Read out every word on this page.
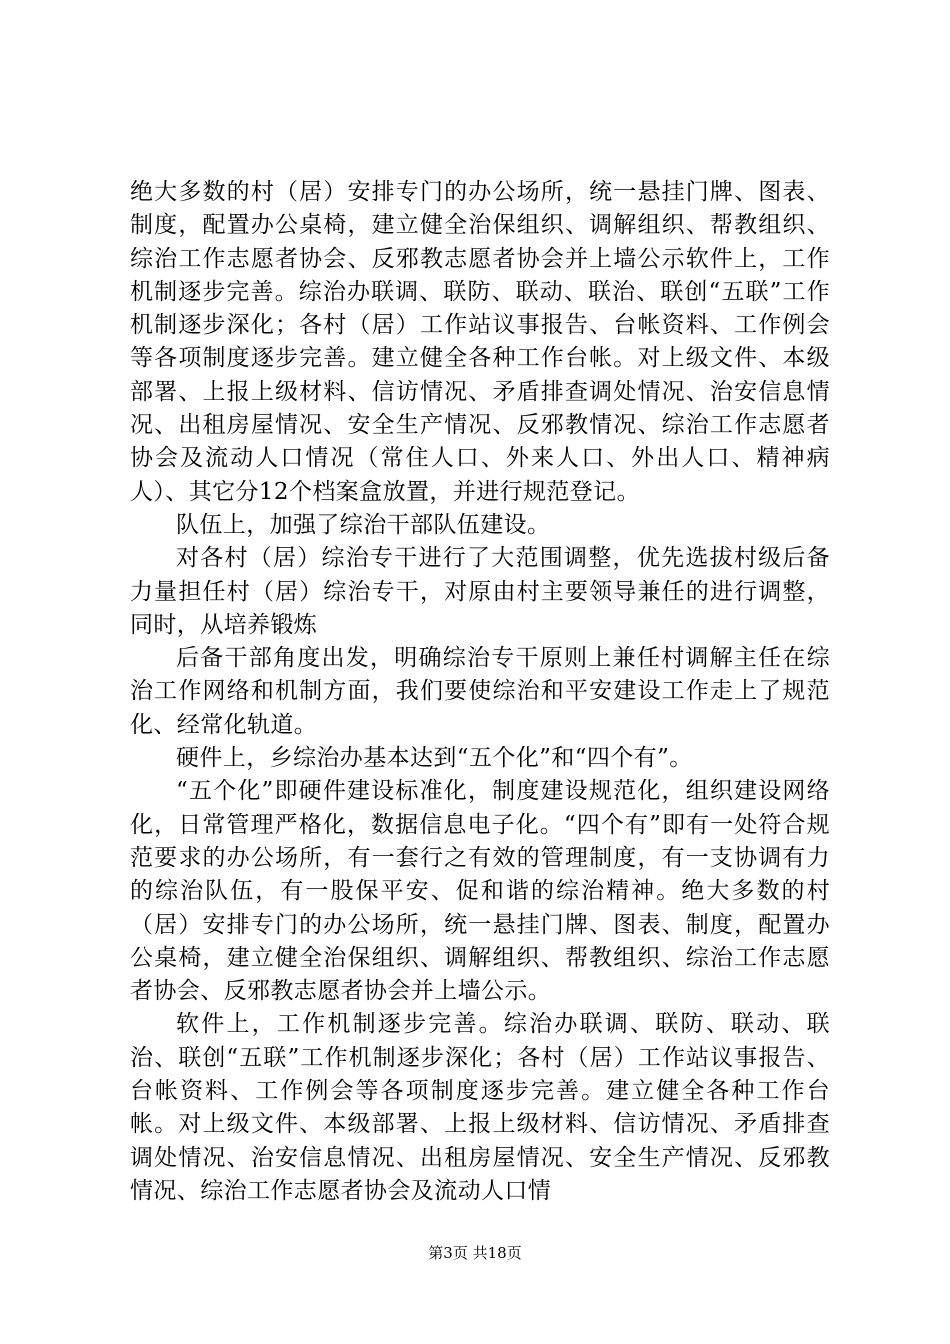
绝大多数的村（居）安排专门的办公场所，统一悬挂门牌、图表、制度，配置办公桌椅，建立健全治保组织、调解组织、帮教组织、综治工作志愿者协会、反邪教志愿者协会并上墙公示软件上，工作机制逐步完善。综治办联调、联防、联动、联治、联创“五联”工作机制逐步深化；各村（居）工作站议事报告、台帐资料、工作例会等各项制度逐步完善。建立健全各种工作台帐。对上级文件、本级部署、上报上级材料、信访情况、矛盾排查调处情况、治安信息情况、出租房屋情况、安全生产情况、反邪教情况、综治工作志愿者协会及流动人口情况（常住人口、外来人口、外出人口、精神病人）、其它分12个档案盒放置，并进行规范登记。

队伍上，加强了综治干部队伍建设。

对各村（居）综治专干进行了大范围调整，优先选拔村级后备力量担任村（居）综治专干，对原由村主要领导兼任的进行调整，同时，从培养锻炼

后备干部角度出发，明确综治专干原则上兼任村调解主任在综治工作网络和机制方面，我们要使综治和平安建设工作走上了规范化、经常化轨道。

硬件上，乡综治办基本达到“五个化”和“四个有”。

“五个化”即硬件建设标准化，制度建设规范化，组织建设网络化，日常管理严格化，数据信息电子化。“四个有”即有一处符合规范要求的办公场所，有一套行之有效的管理制度，有一支协调有力的综治队伍，有一股保平安、促和谐的综治精神。绝大多数的村（居）安排专门的办公场所，统一悬挂门牌、图表、制度，配置办公桌椅，建立健全治保组织、调解组织、帮教组织、综治工作志愿者协会、反邪教志愿者协会并上墙公示。

软件上，工作机制逐步完善。综治办联调、联防、联动、联治、联创“五联”工作机制逐步深化；各村（居）工作站议事报告、台帐资料、工作例会等各项制度逐步完善。建立健全各种工作台帐。对上级文件、本级部署、上报上级材料、信访情况、矛盾排查调处情况、治安信息情况、出租房屋情况、安全生产情况、反邪教情况、综治工作志愿者协会及流动人口情

第3页 共18页
